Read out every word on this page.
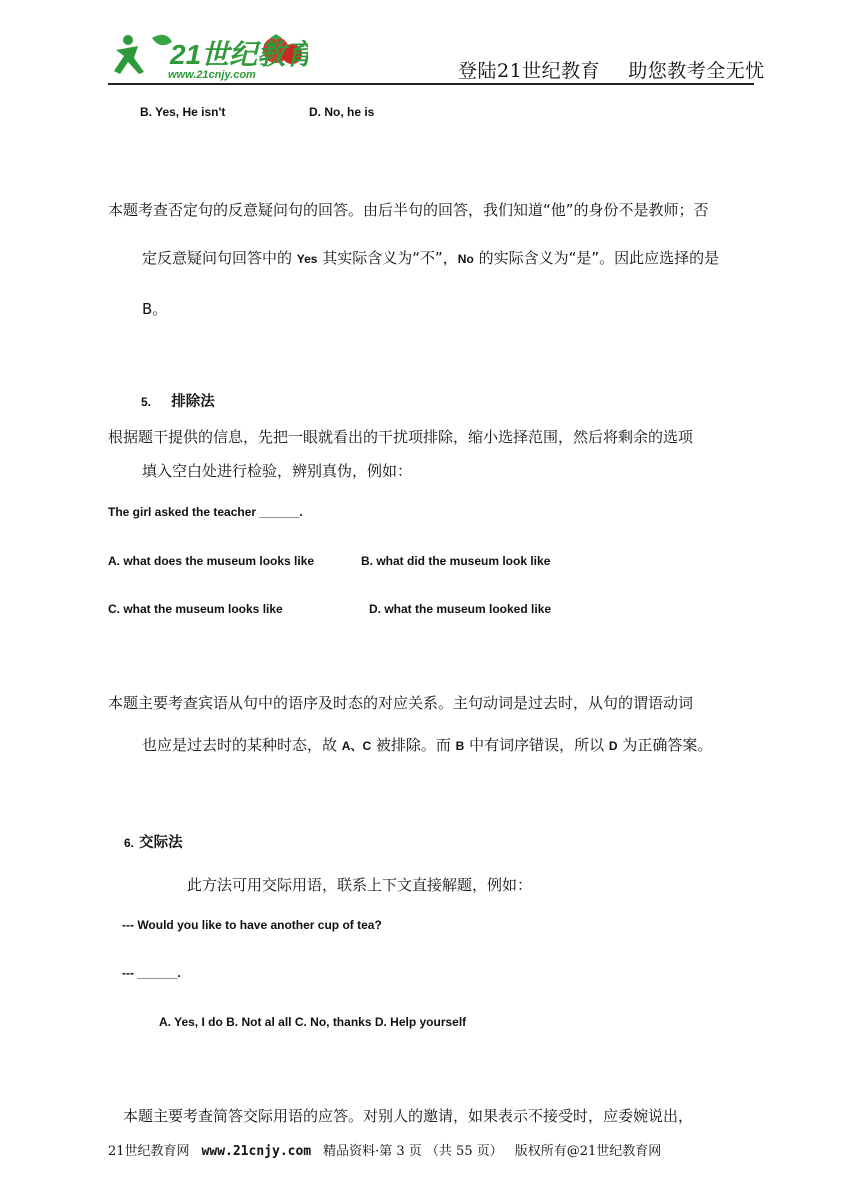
21世纪教育
www.21cnjy.com	登陆21世纪教育 助您教考全无忧
B. Yes, He isn't	D. No, he is
本题考查否定句的反意疑问句的回答。由后半句的回答，我们知道“他”的身份不是教师；否
定反意疑问句回答中的 Yes 其实际含义为“不”，No 的实际含义为“是”。因此应选择的是
B。
5. 排除法
根据题干提供的信息，先把一眼就看出的干扰项排除，缩小选择范围，然后将剩余的选项
填入空白处进行检验，辨别真伪，例如：
The girl asked the teacher ______.
A. what does the museum looks like	B. what did the museum look like
C. what the museum looks like	D. what the museum looked like
本题主要考查宾语从句中的语序及时态的对应关系。主句动词是过去时，从句的谓语动词
也应是过去时的某种时态，故 A、C 被排除。而 B 中有词序错误，所以 D 为正确答案。
6. 交际法
此方法可用交际用语，联系上下文直接解题，例如：
--- Would you like to have another cup of tea?
--- ______.
A. Yes, I do B. Not al all C. No, thanks D. Help yourself
本题主要考查简答交际用语的应答。对别人的邀请，如果表示不接受时，应委婉说出，
21世纪教育网 www.21cnjy.com 精品资料·第 3 页 （共 55 页） 版权所有@21世纪教育网
